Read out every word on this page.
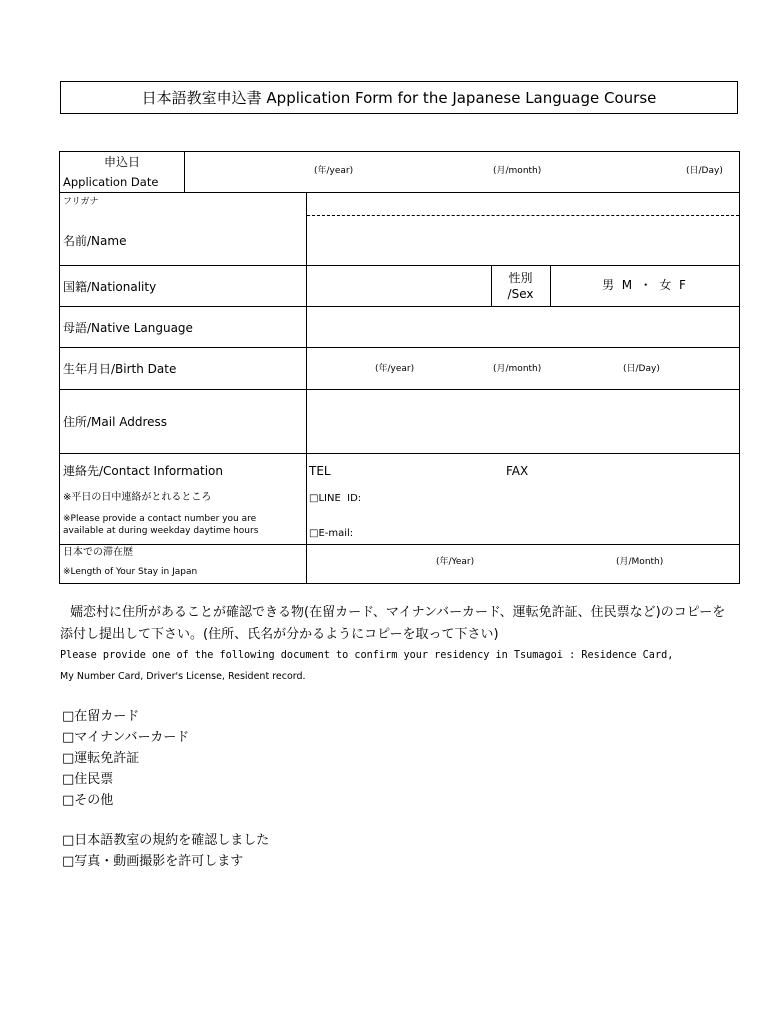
日本語教室申込書 Application Form for the Japanese Language Course
申込日
Application Date
(年/year)	(月/month)	(日/Day)
フリガナ
名前/Name
国籍/Nationality
性別
/Sex
男  M  ・  女  F
母語/Native Language
生年月日/Birth Date	(年/year)	(月/month)	(日/Day)
住所/Mail Address
連絡先/Contact Information
※平日の日中連絡がとれるところ
※Please provide a contact number you are
available at during weekday daytime hours
TEL	FAX
□LINE  ID:
□E-mail:
日本での滞在歴
※Length of Your Stay in Japan
(年/Year)	(月/Month)
嬬恋村に住所があることが確認できる物(在留カード、マイナンバーカード、運転免許証、住民票など)のコピーを
添付し提出して下さい。(住所、氏名が分かるようにコピーを取って下さい)
Please provide one of the following document to confirm your residency in Tsumagoi : Residence Card,
My Number Card, Driver's License, Resident record.
□在留カード
□マイナンバーカード
□運転免許証
□住民票
□その他
□日本語教室の規約を確認しました
□写真・動画撮影を許可します
